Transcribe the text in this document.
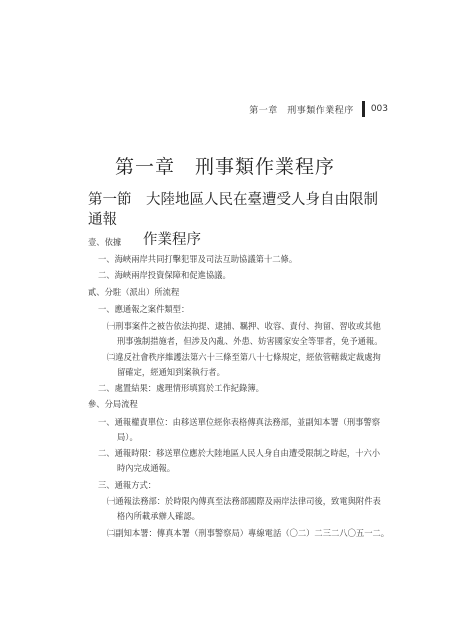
第一章　刑事類作業程序 003
第一章　刑事類作業程序
第一節 大陸地區人民在臺遭受人身自由限制通報
作業程序
壹、依據
一、海峽兩岸共同打擊犯罪及司法互助協議第十二條。
二、海峽兩岸投資保障和促進協議。
貳、分駐（派出）所流程
一、應通報之案件類型：
㈠刑事案件之被告依法拘提、逮捕、羈押、收容、責付、拘留、習收或其他
刑事強制措施者，但涉及內亂、外患、妨害國家安全等罪者，免予通報。
㈡違反社會秩序維護法第六十三條至第八十七條規定，經依管轄裁定裁處拘
留確定，經通知到案執行者。
二、處置結果：處理情形填寫於工作紀錄簿。
參、分局流程
一、通報權責單位：由移送單位經你表格傳真法務部，並副知本署（刑事警察
局）。
二、通報時限：移送單位應於大陸地區人民人身自由遭受限制之時起，十六小
時內完成通報。
三、通報方式：
㈠通報法務部：於時限內傳真至法務部國際及兩岸法律司後，致電與附件表
格內所載承辦人確認。
㈡副知本署：傳真本署（刑事警察局）專線電話（〇二）二三二八〇五一二。
